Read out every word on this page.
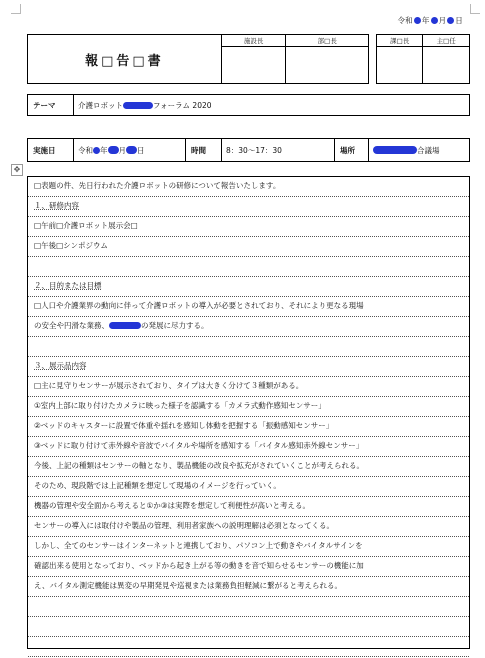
令和 年 月 日
報□告□書	施設長	部□長		課□長	主□任

テーマ	介護ロボット	フォーラム 2020
実施日	令和 年 月 日	時間	8：30～17：30	場所	合議場
✥
□表題の件、先日行われた介護ロボットの研修について報告いたします。
１、研修内容
□午前□介護ロボット展示会□
□午後□シンポジウム
２、目的または目標
□人口や介護業界の動向に伴って介護ロボットの導入が必要とされており、それにより更なる現場
の安全や円滑な業務、	の発展に尽力する。
３、展示品内容
□主に見守りセンサーが展示されており、タイプは大きく分けて３種類がある。
①室内上部に取り付けたカメラに映った様子を認識する「カメラ式動作感知センサー」
②ベッドのキャスターに設置で体重や揺れを感知し体動を把握する「振動感知センサー」
③ベッドに取り付けて赤外線や音波でバイタルや場所を感知する「バイタル感知赤外線センサー」
今後、上記の種類はセンサーの軸となり、製品機能の改良や拡充がされていくことが考えられる。
そのため、現段階では上記種類を想定して現場のイメージを行っていく。
機器の管理や安全面から考えると①か③は実際を想定して利便性が高いと考える。
センサーの導入には取付けや製品の管理、利用者家族への説明理解は必須となってくる。
しかし、全てのセンサーはインターネットと連携しており、パソコン上で動きやバイタルサインを
確認出来る使用となっており、ベッドから起き上がる等の動きを音で知らせるセンサーの機能に加
え、バイタル測定機能は異変の早期発見や巡視または業務負担軽減に繋がると考えられる。
